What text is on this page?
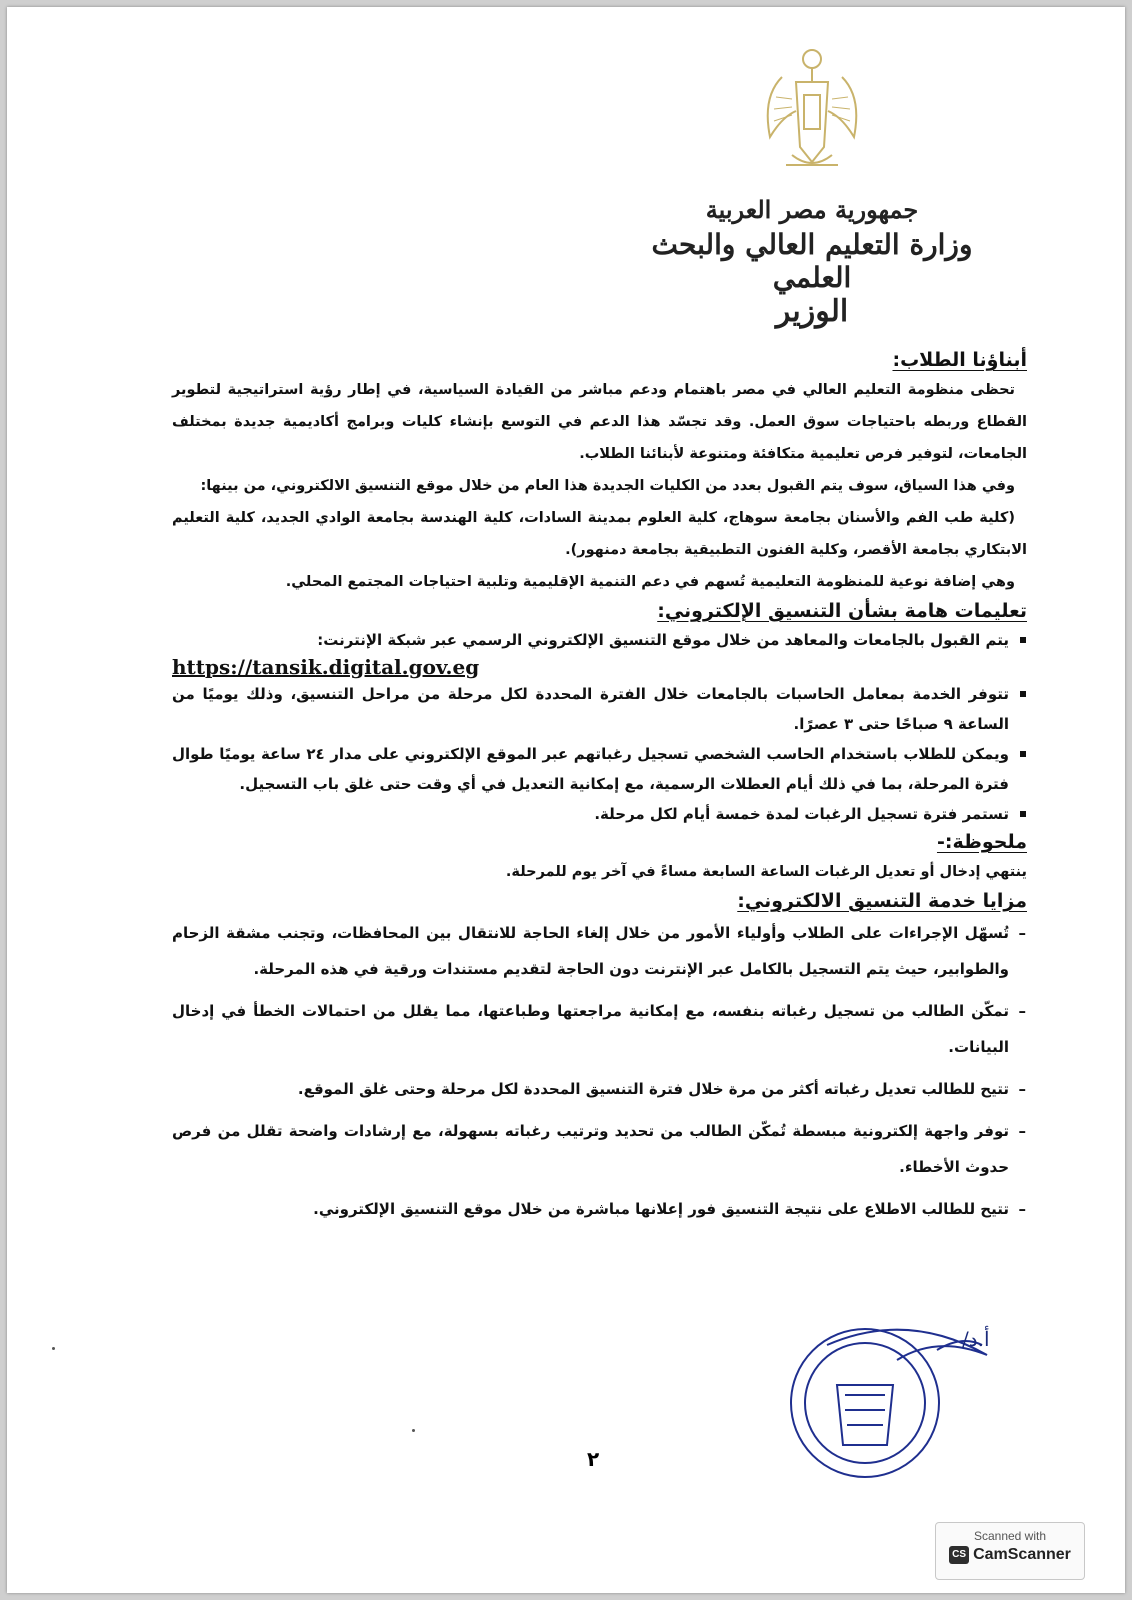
جمهورية مصر العربية
وزارة التعليم العالي والبحث العلمي
الوزير

أبناؤنا الطلاب:

تحظى منظومة التعليم العالي في مصر باهتمام ودعم مباشر من القيادة السياسية، في إطار رؤية استراتيجية لتطوير القطاع وربطه باحتياجات سوق العمل. وقد تجسّد هذا الدعم في التوسع بإنشاء كليات وبرامج أكاديمية جديدة بمختلف الجامعات، لتوفير فرص تعليمية متكافئة ومتنوعة لأبنائنا الطلاب.

وفي هذا السياق، سوف يتم القبول بعدد من الكليات الجديدة هذا العام من خلال موقع التنسيق الالكتروني، من بينها:

(كلية طب الفم والأسنان بجامعة سوهاج، كلية العلوم بمدينة السادات، كلية الهندسة بجامعة الوادي الجديد، كلية التعليم الابتكاري بجامعة الأقصر، وكلية الفنون التطبيقية بجامعة دمنهور).

وهي إضافة نوعية للمنظومة التعليمية تُسهم في دعم التنمية الإقليمية وتلبية احتياجات المجتمع المحلي.

تعليمات هامة بشأن التنسيق الإلكتروني:

يتم القبول بالجامعات والمعاهد من خلال موقع التنسيق الإلكتروني الرسمي عبر شبكة الإنترنت:

https://tansik.digital.gov.eg

تتوفر الخدمة بمعامل الحاسبات بالجامعات خلال الفترة المحددة لكل مرحلة من مراحل التنسيق، وذلك يوميًا من الساعة ٩ صباحًا حتى ٣ عصرًا.
ويمكن للطلاب باستخدام الحاسب الشخصي تسجيل رغباتهم عبر الموقع الإلكتروني على مدار ٢٤ ساعة يوميًا طوال فترة المرحلة، بما في ذلك أيام العطلات الرسمية، مع إمكانية التعديل في أي وقت حتى غلق باب التسجيل.
تستمر فترة تسجيل الرغبات لمدة خمسة أيام لكل مرحلة.

ملحوظة:-

ينتهي إدخال أو تعديل الرغبات الساعة السابعة مساءً في آخر يوم للمرحلة.

مزايا خدمة التنسيق الالكتروني:

– تُسهّل الإجراءات على الطلاب وأولياء الأمور من خلال إلغاء الحاجة للانتقال بين المحافظات، وتجنب مشقة الزحام والطوابير، حيث يتم التسجيل بالكامل عبر الإنترنت دون الحاجة لتقديم مستندات ورقية في هذه المرحلة.
– تمكّن الطالب من تسجيل رغباته بنفسه، مع إمكانية مراجعتها وطباعتها، مما يقلل من احتمالات الخطأ في إدخال البيانات.
– تتيح للطالب تعديل رغباته أكثر من مرة خلال فترة التنسيق المحددة لكل مرحلة وحتى غلق الموقع.
– توفر واجهة إلكترونية مبسطة تُمكّن الطالب من تحديد وترتيب رغباته بسهولة، مع إرشادات واضحة تقلل من فرص حدوث الأخطاء.
– تتيح للطالب الاطلاع على نتيجة التنسيق فور إعلانها مباشرة من خلال موقع التنسيق الإلكتروني.
أ.د/
٢
Scanned with
CS CamScanner
